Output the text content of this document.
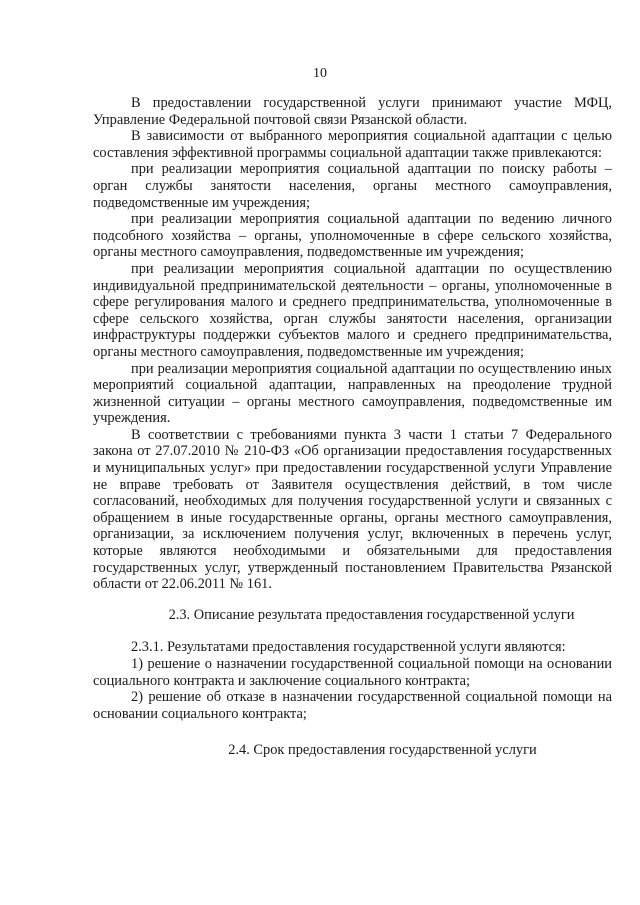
10

В предоставлении государственной услуги принимают участие МФЦ, Управление Федеральной почтовой связи Рязанской области.

В зависимости от выбранного мероприятия социальной адаптации с целью составления эффективной программы социальной адаптации также привлекаются:

при реализации мероприятия социальной адаптации по поиску работы – орган службы занятости населения, органы местного самоуправления, подведомственные им учреждения;

при реализации мероприятия социальной адаптации по ведению личного подсобного хозяйства – органы, уполномоченные в сфере сельского хозяйства, органы местного самоуправления, подведомственные им учреждения;

при реализации мероприятия социальной адаптации по осуществлению индивидуальной предпринимательской деятельности – органы, уполномоченные в сфере регулирования малого и среднего предпринимательства, уполномоченные в сфере сельского хозяйства, орган службы занятости населения, организации инфраструктуры поддержки субъектов малого и среднего предпринимательства, органы местного самоуправления, подведомственные им учреждения;

при реализации мероприятия социальной адаптации по осуществлению иных мероприятий социальной адаптации, направленных на преодоление трудной жизненной ситуации – органы местного самоуправления, подведомственные им учреждения.

В соответствии с требованиями пункта 3 части 1 статьи 7 Федерального закона от 27.07.2010 № 210-ФЗ «Об организации предоставления государственных и муниципальных услуг» при предоставлении государственной услуги Управление не вправе требовать от Заявителя осуществления действий, в том числе согласований, необходимых для получения государственной услуги и связанных с обращением в иные государственные органы, органы местного самоуправления, организации, за исключением получения услуг, включенных в перечень услуг, которые являются необходимыми и обязательными для предоставления государственных услуг, утвержденный постановлением Правительства Рязанской области от 22.06.2011 № 161.

2.3. Описание результата предоставления государственной услуги

2.3.1. Результатами предоставления государственной услуги являются:

1) решение о назначении государственной социальной помощи на основании социального контракта и заключение социального контракта;

2) решение об отказе в назначении государственной социальной помощи на основании социального контракта;

2.4. Срок предоставления государственной услуги
